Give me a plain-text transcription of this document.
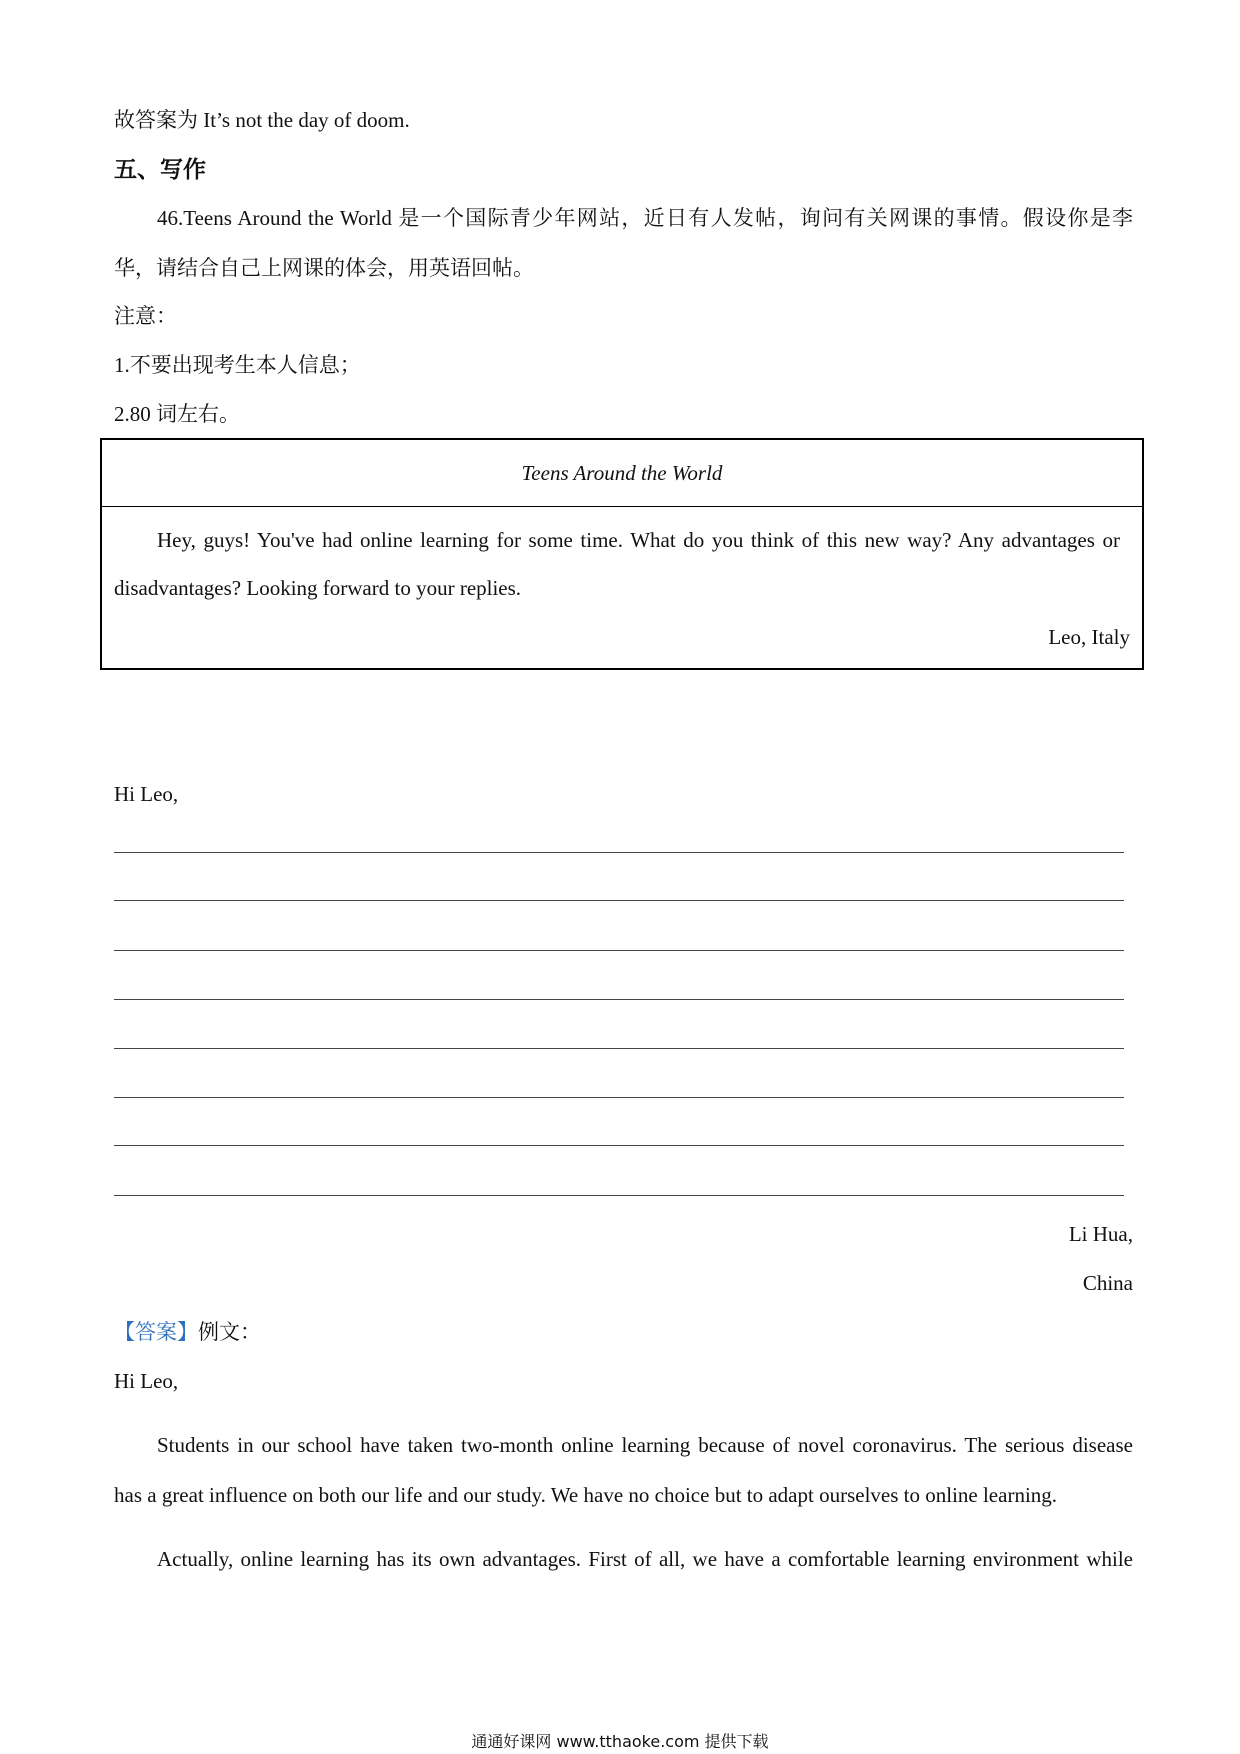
故答案为 It’s not the day of doom.
五、写作
46.Teens Around the World 是一个国际青少年网站，近日有人发帖，询问有关网课的事情。假设你是李
华，请结合自己上网课的体会，用英语回帖。
注意：
1.不要出现考生本人信息；
2.80 词左右。
Teens Around the World
Hey, guys! You've had online learning for some time. What do you think of this new way? Any advantages or
disadvantages? Looking forward to your replies.
Leo, Italy
Hi Leo,
Li Hua,
China
【答案】例文：
Hi Leo,
Students in our school have taken two-month online learning because of novel coronavirus. The serious disease
has a great influence on both our life and our study. We have no choice but to adapt ourselves to online learning.
Actually, online learning has its own advantages. First of all, we have a comfortable learning environment while
通通好课网 www.tthaoke.com 提供下载
